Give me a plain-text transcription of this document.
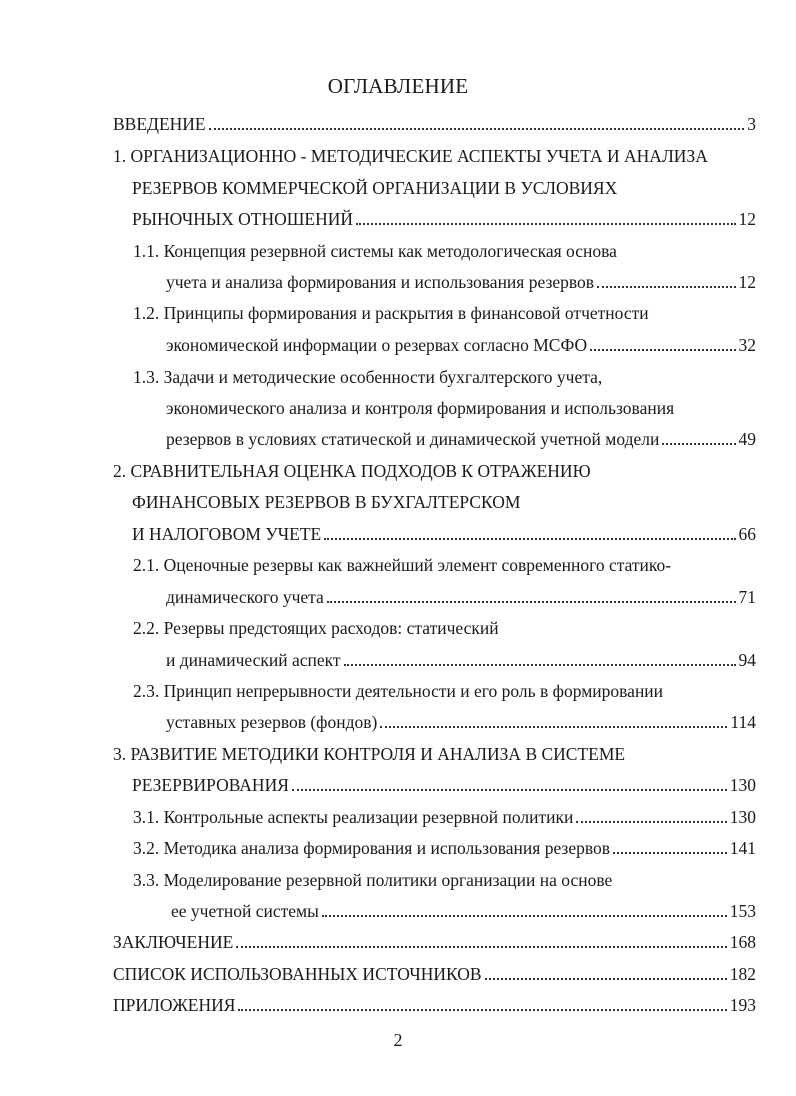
ОГЛАВЛЕНИЕ
ВВЕДЕНИЕ	3
1. ОРГАНИЗАЦИОННО - МЕТОДИЧЕСКИЕ АСПЕКТЫ УЧЕТА И АНАЛИЗА
РЕЗЕРВОВ КОММЕРЧЕСКОЙ ОРГАНИЗАЦИИ В УСЛОВИЯХ
РЫНОЧНЫХ ОТНОШЕНИЙ	12
1.1. Концепция резервной системы как методологическая основа
учета и анализа формирования и использования резервов	12
1.2. Принципы формирования и раскрытия в финансовой отчетности
экономической информации о резервах согласно МСФО	32
1.3. Задачи и методические особенности бухгалтерского учета,
экономического анализа и контроля формирования и использования
резервов в условиях статической и динамической учетной модели	49
2. СРАВНИТЕЛЬНАЯ ОЦЕНКА ПОДХОДОВ К ОТРАЖЕНИЮ
ФИНАНСОВЫХ РЕЗЕРВОВ В БУХГАЛТЕРСКОМ
И НАЛОГОВОМ УЧЕТЕ	66
2.1. Оценочные резервы как важнейший элемент современного статико-
динамического учета	71
2.2. Резервы предстоящих расходов: статический
и динамический аспект	94
2.3. Принцип непрерывности деятельности и его роль в формировании
уставных резервов (фондов)	114
3. РАЗВИТИЕ МЕТОДИКИ КОНТРОЛЯ И АНАЛИЗА В СИСТЕМЕ
РЕЗЕРВИРОВАНИЯ	130
3.1. Контрольные аспекты реализации резервной политики	130
3.2. Методика анализа формирования и использования резервов	141
3.3. Моделирование резервной политики организации на основе
ее учетной системы	153
ЗАКЛЮЧЕНИЕ	168
СПИСОК ИСПОЛЬЗОВАННЫХ ИСТОЧНИКОВ	182
ПРИЛОЖЕНИЯ	193
2
